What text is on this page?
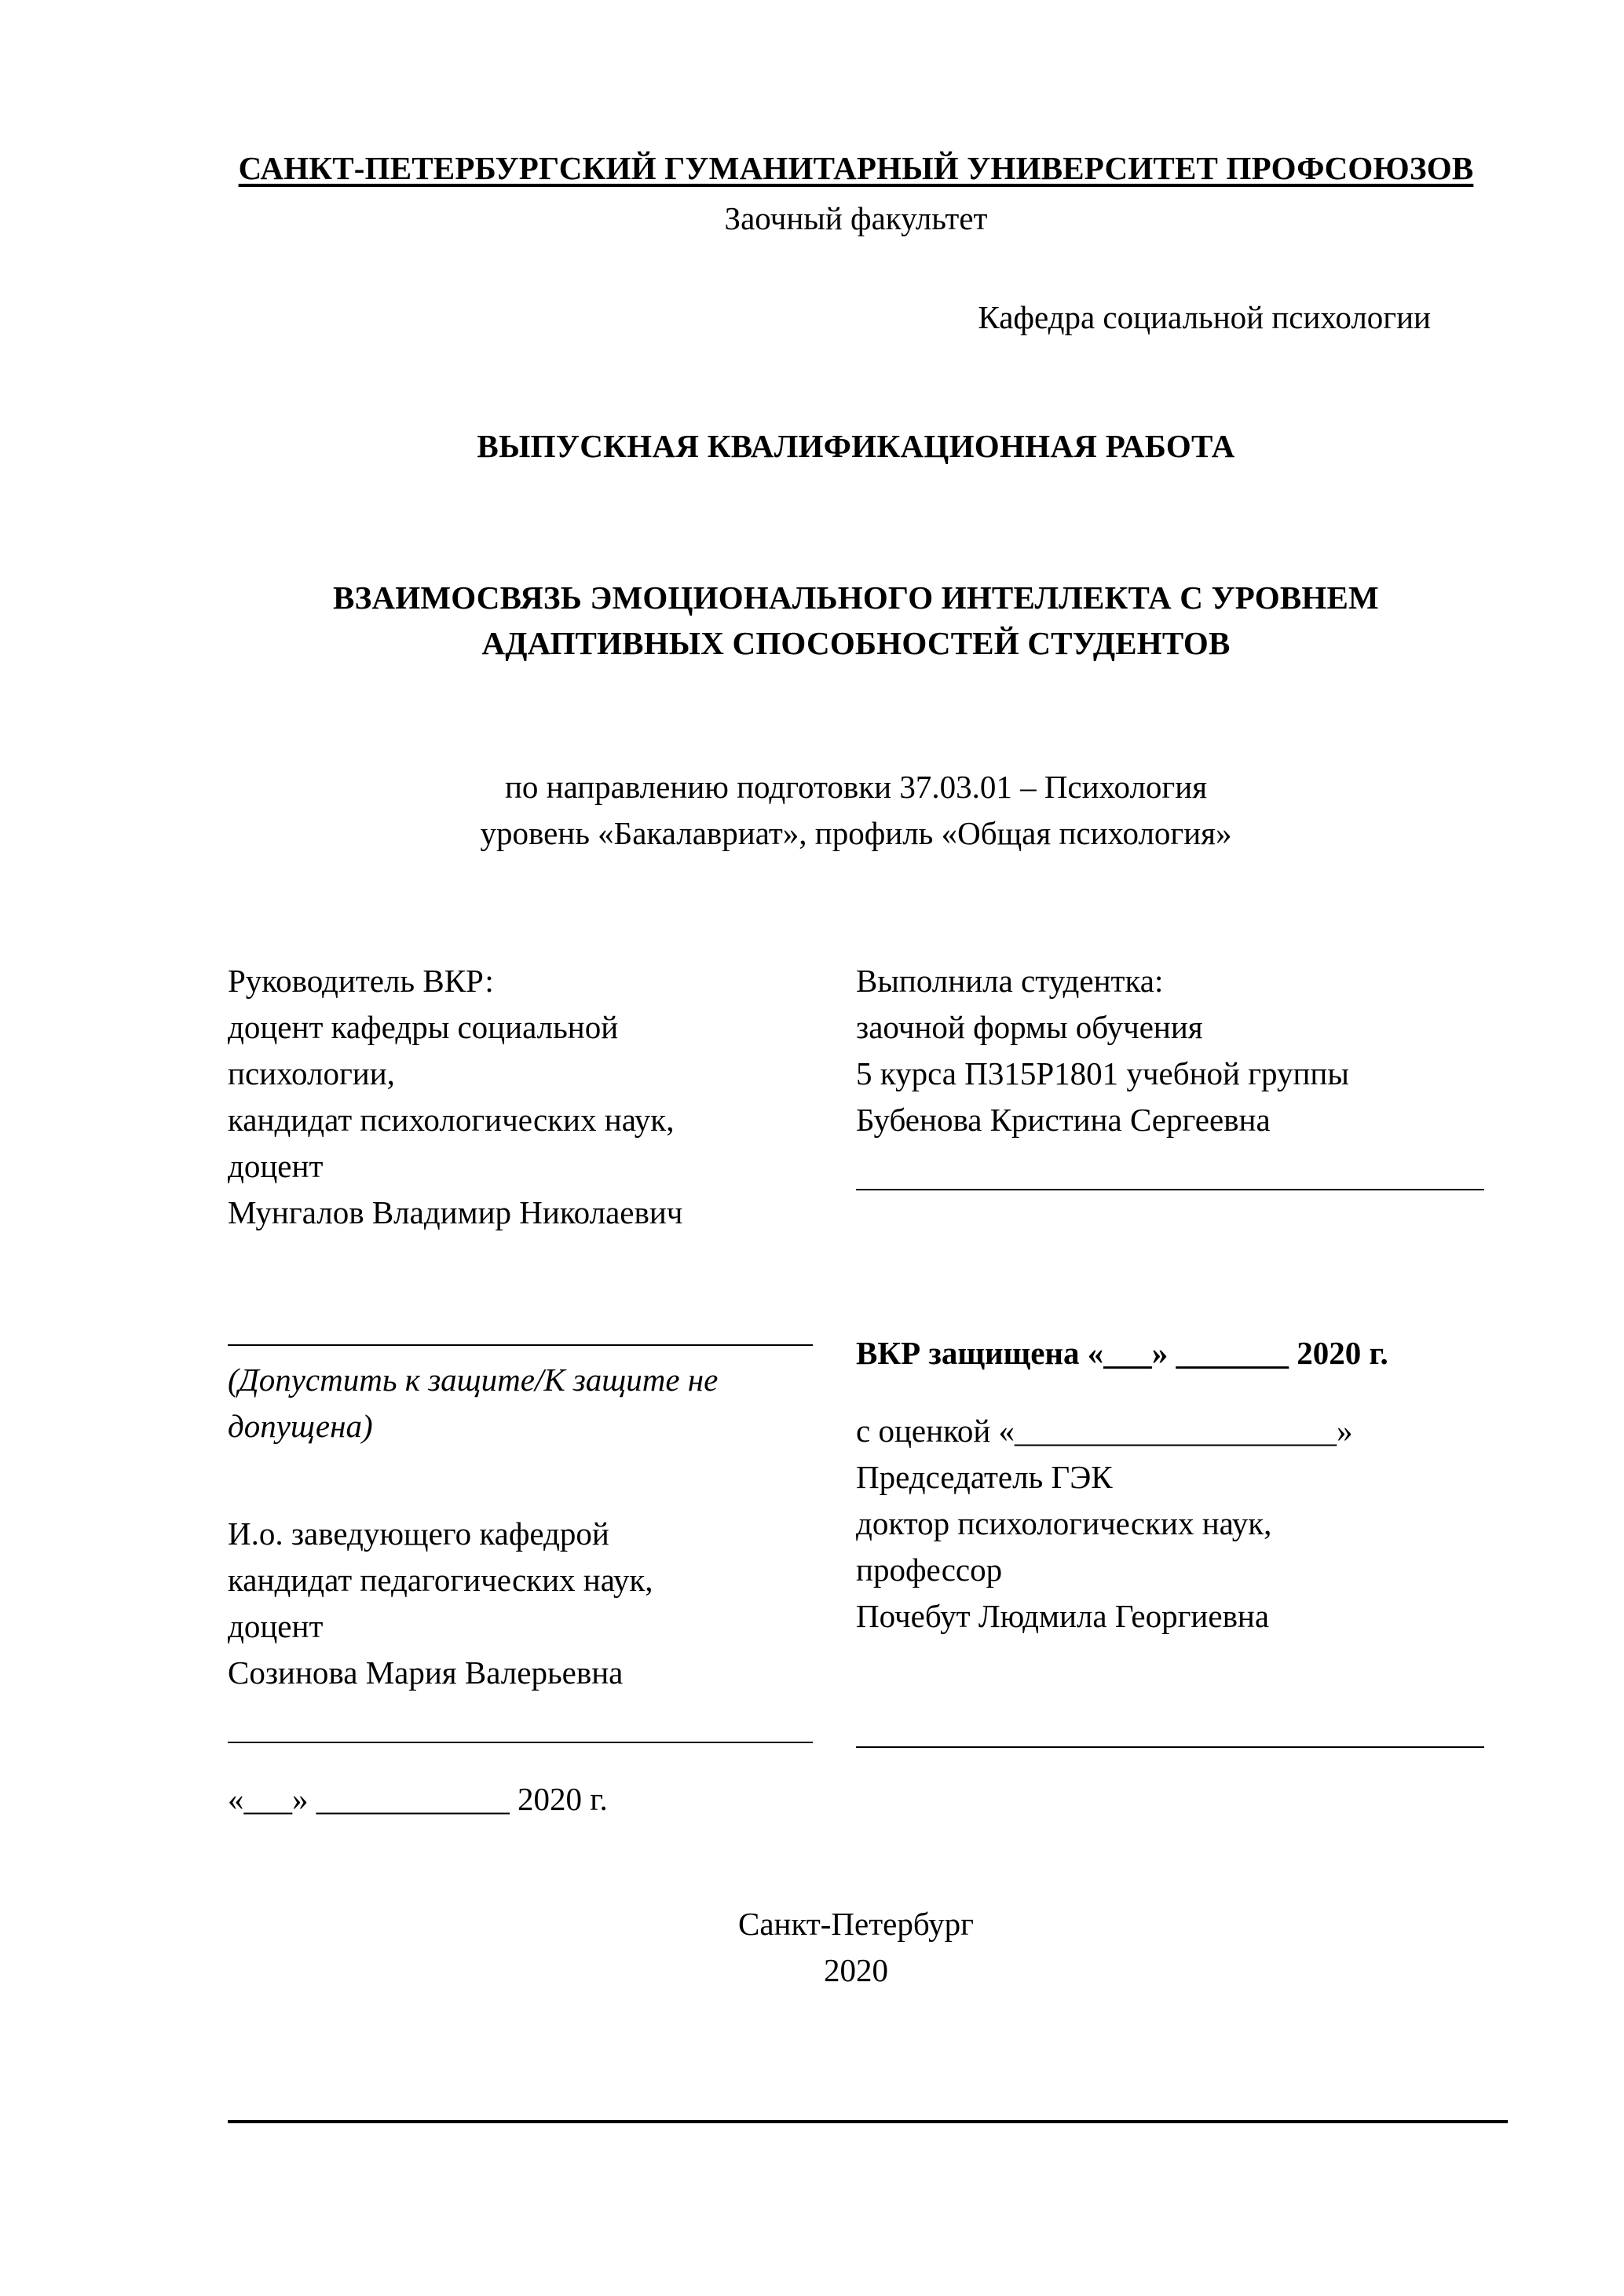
САНКТ-ПЕТЕРБУРГСКИЙ ГУМАНИТАРНЫЙ УНИВЕРСИТЕТ ПРОФСОЮЗОВ
Заочный факультет
Кафедра социальной психологии
ВЫПУСКНАЯ КВАЛИФИКАЦИОННАЯ РАБОТА
ВЗАИМОСВЯЗЬ ЭМОЦИОНАЛЬНОГО ИНТЕЛЛЕКТА С УРОВНЕМ
АДАПТИВНЫХ СПОСОБНОСТЕЙ СТУДЕНТОВ
по направлению подготовки 37.03.01 – Психология
уровень «Бакалавриат», профиль «Общая психология»
Руководитель ВКР:
доцент кафедры социальной
психологии,
кандидат психологических наук,
доцент
Мунгалов Владимир Николаевич
Выполнила студентка:
заочной формы обучения
5 курса П315Р1801 учебной группы
Бубенова Кристина Сергеевна
(Допустить к защите/К защите не допущена)
И.о. заведующего кафедрой
кандидат педагогических наук,
доцент
Созинова Мария Валерьевна
«___» ____________ 2020 г.
ВКР защищена «___» _______ 2020 г.
с оценкой «____________________»
Председатель ГЭК
доктор психологических наук,
профессор
Почебут Людмила Георгиевна
Санкт-Петербург
2020
